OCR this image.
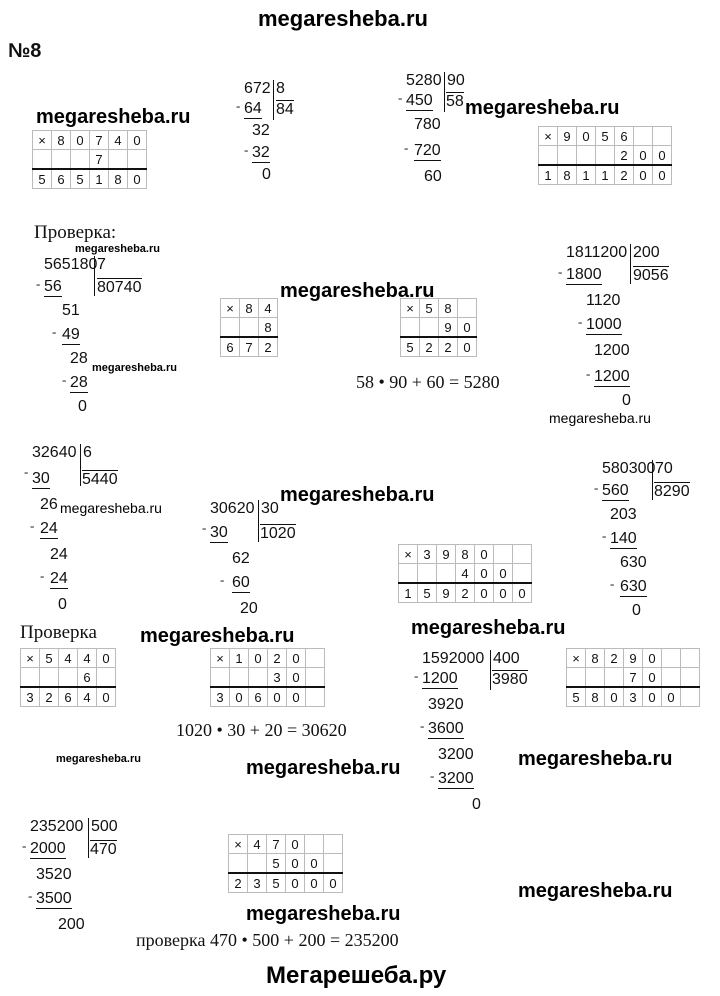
megaresheba.ru
№8
Мегарешеба.ру
megaresheba.ru	megaresheba.ru
megaresheba.ru
megaresheba.ru
megaresheba.ru
megaresheba.ru
megaresheba.ru
megaresheba.ru
megaresheba.ru	megaresheba.ru
megaresheba.ru	megaresheba.ru	megaresheba.ru
megaresheba.ru
megaresheba.ru
Проверка:
Проверка
672 8
84
- 64
32
- 32
0
5280 90
58
- 450
780
- 720
60
565180 7
80740
- 56
51
- 49
28
- 28
0
1811200 200
9056
- 1800
1120
- 1000
1200
- 1200
0
32640 6
5440
- 30
26
- 24
24
- 24
0
30620 30
1020
- 30
62
- 60
20
580300 70
8290
- 560
203
- 140
630
- 630
0
1592000 400
3980
- 1200
3920
- 3600
3200
- 3200
0
235200 500
470
- 2000
3520
- 3500
200
×	8	0	7	4	0
			7		
5	6	5	1	8	0
×	9	0	5	6		
				2	0	0
1	8	1	1	2	0	0
×	8	4
		8
6	7	2
×	5	8	
		9	0
5	2	2	0
×	3	9	8	0		
			4	0	0	
1	5	9	2	0	0	0
×	5	4	4	0
			6	
3	2	6	4	0
×	1	0	2	0	
			3	0	
3	0	6	0	0	
×	8	2	9	0		
			7	0		
5	8	0	3	0	0	
×	4	7	0		
		5	0	0	
2	3	5	0	0	0
58 • 90 + 60 = 5280
1020 • 30 + 20 = 30620
проверка 470 • 500 + 200 = 235200
